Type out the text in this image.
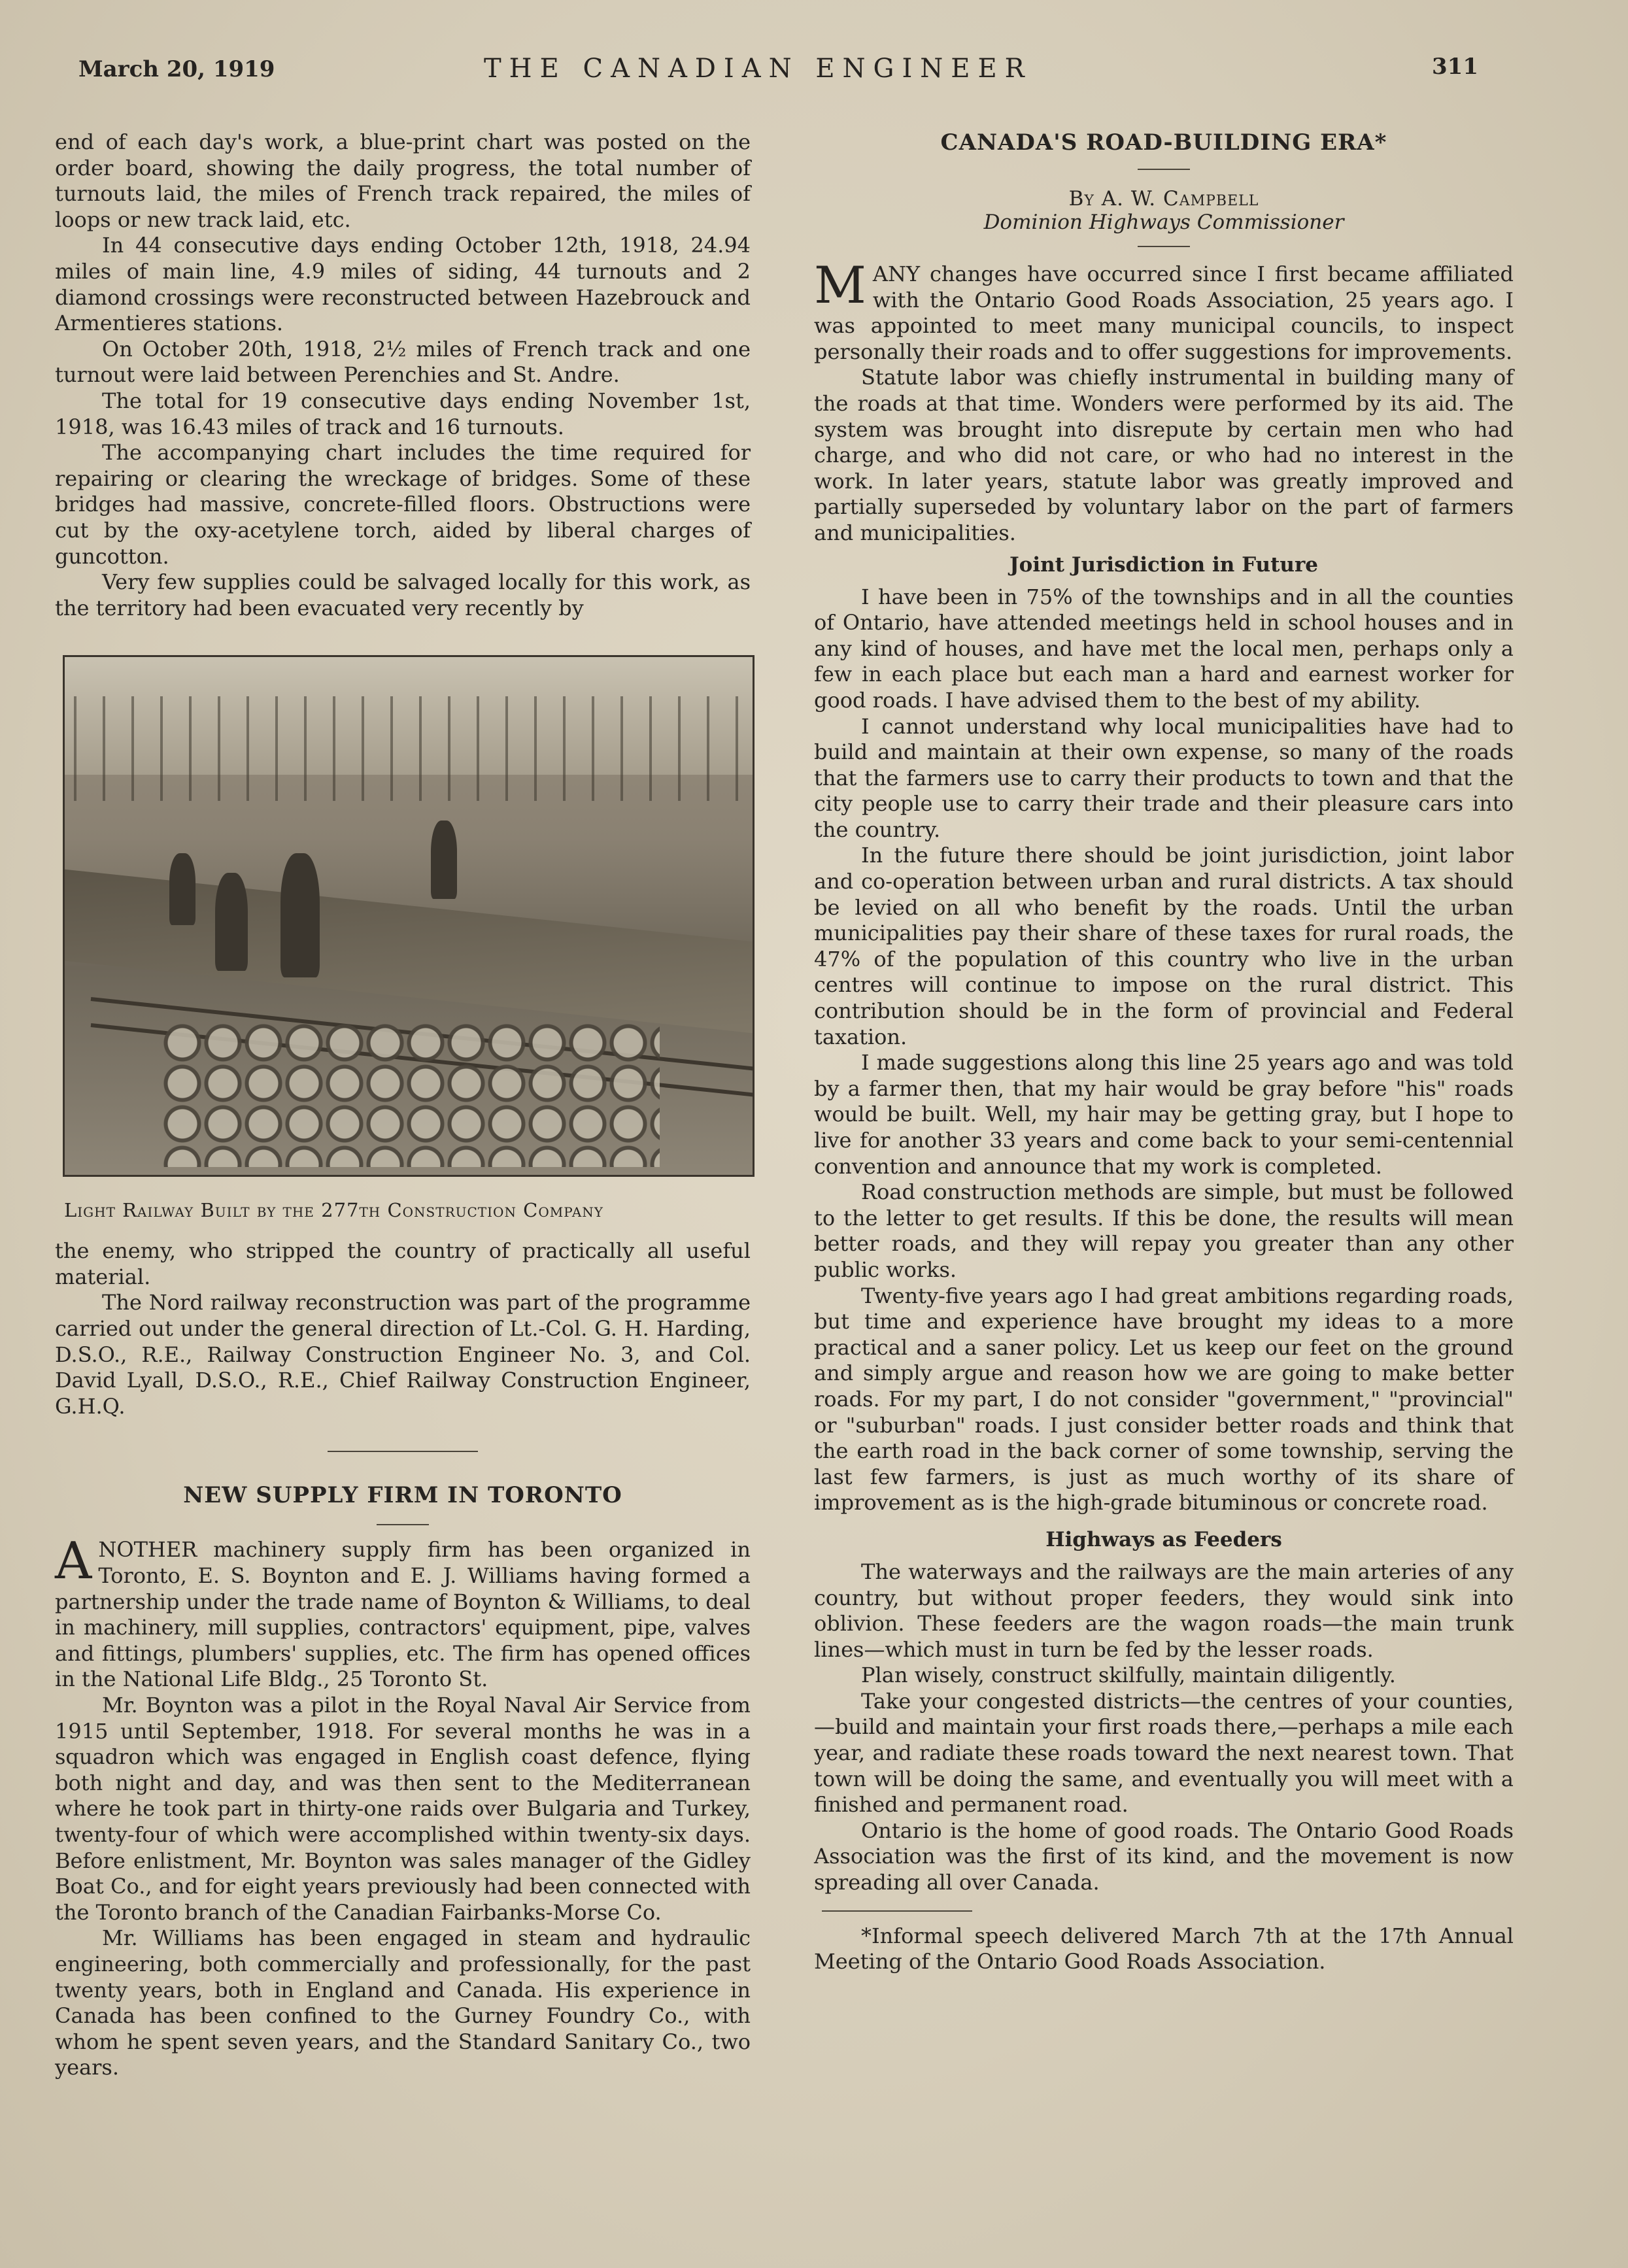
March 20, 1919	THE CANADIAN ENGINEER	311

end of each day's work, a blue-print chart was posted on the order board, showing the daily progress, the total number of turnouts laid, the miles of French track repaired, the miles of loops or new track laid, etc.

In 44 consecutive days ending October 12th, 1918, 24.94 miles of main line, 4.9 miles of siding, 44 turnouts and 2 diamond crossings were reconstructed between Hazebrouck and Armentieres stations.

On October 20th, 1918, 2½ miles of French track and one turnout were laid between Perenchies and St. Andre.

The total for 19 consecutive days ending November 1st, 1918, was 16.43 miles of track and 16 turnouts.

The accompanying chart includes the time required for repairing or clearing the wreckage of bridges. Some of these bridges had massive, concrete-filled floors. Obstructions were cut by the oxy-acetylene torch, aided by liberal charges of guncotton.

Very few supplies could be salvaged locally for this work, as the territory had been evacuated very recently by

Light Railway Built by the 277th Construction Company

the enemy, who stripped the country of practically all useful material.

The Nord railway reconstruction was part of the programme carried out under the general direction of Lt.-Col. G. H. Harding, D.S.O., R.E., Railway Construction Engineer No. 3, and Col. David Lyall, D.S.O., R.E., Chief Railway Construction Engineer, G.H.Q.

NEW SUPPLY FIRM IN TORONTO

ANOTHER machinery supply firm has been organized in Toronto, E. S. Boynton and E. J. Williams having formed a partnership under the trade name of Boynton & Williams, to deal in machinery, mill supplies, contractors' equipment, pipe, valves and fittings, plumbers' supplies, etc. The firm has opened offices in the National Life Bldg., 25 Toronto St.

Mr. Boynton was a pilot in the Royal Naval Air Service from 1915 until September, 1918. For several months he was in a squadron which was engaged in English coast defence, flying both night and day, and was then sent to the Mediterranean where he took part in thirty-one raids over Bulgaria and Turkey, twenty-four of which were accomplished within twenty-six days. Before enlistment, Mr. Boynton was sales manager of the Gidley Boat Co., and for eight years previously had been connected with the Toronto branch of the Canadian Fairbanks-Morse Co.

Mr. Williams has been engaged in steam and hydraulic engineering, both commercially and professionally, for the past twenty years, both in England and Canada. His experience in Canada has been confined to the Gurney Foundry Co., with whom he spent seven years, and the Standard Sanitary Co., two years.

CANADA'S ROAD-BUILDING ERA*
By A. W. Campbell
Dominion Highways Commissioner

MANY changes have occurred since I first became affiliated with the Ontario Good Roads Association, 25 years ago. I was appointed to meet many municipal councils, to inspect personally their roads and to offer suggestions for improvements.

Statute labor was chiefly instrumental in building many of the roads at that time. Wonders were performed by its aid. The system was brought into disrepute by certain men who had charge, and who did not care, or who had no interest in the work. In later years, statute labor was greatly improved and partially superseded by voluntary labor on the part of farmers and municipalities.

Joint Jurisdiction in Future

I have been in 75% of the townships and in all the counties of Ontario, have attended meetings held in school houses and in any kind of houses, and have met the local men, perhaps only a few in each place but each man a hard and earnest worker for good roads. I have advised them to the best of my ability.

I cannot understand why local municipalities have had to build and maintain at their own expense, so many of the roads that the farmers use to carry their products to town and that the city people use to carry their trade and their pleasure cars into the country.

In the future there should be joint jurisdiction, joint labor and co-operation between urban and rural districts. A tax should be levied on all who benefit by the roads. Until the urban municipalities pay their share of these taxes for rural roads, the 47% of the population of this country who live in the urban centres will continue to impose on the rural district. This contribution should be in the form of provincial and Federal taxation.

I made suggestions along this line 25 years ago and was told by a farmer then, that my hair would be gray before "his" roads would be built. Well, my hair may be getting gray, but I hope to live for another 33 years and come back to your semi-centennial convention and announce that my work is completed.

Road construction methods are simple, but must be followed to the letter to get results. If this be done, the results will mean better roads, and they will repay you greater than any other public works.

Twenty-five years ago I had great ambitions regarding roads, but time and experience have brought my ideas to a more practical and a saner policy. Let us keep our feet on the ground and simply argue and reason how we are going to make better roads. For my part, I do not consider "government," "provincial" or "suburban" roads. I just consider better roads and think that the earth road in the back corner of some township, serving the last few farmers, is just as much worthy of its share of improvement as is the high-grade bituminous or concrete road.

Highways as Feeders

The waterways and the railways are the main arteries of any country, but without proper feeders, they would sink into oblivion. These feeders are the wagon roads—the main trunk lines—which must in turn be fed by the lesser roads.

Plan wisely, construct skilfully, maintain diligently.

Take your congested districts—the centres of your counties,—build and maintain your first roads there,—perhaps a mile each year, and radiate these roads toward the next nearest town. That town will be doing the same, and eventually you will meet with a finished and permanent road.

Ontario is the home of good roads. The Ontario Good Roads Association was the first of its kind, and the movement is now spreading all over Canada.

*Informal speech delivered March 7th at the 17th Annual Meeting of the Ontario Good Roads Association.
